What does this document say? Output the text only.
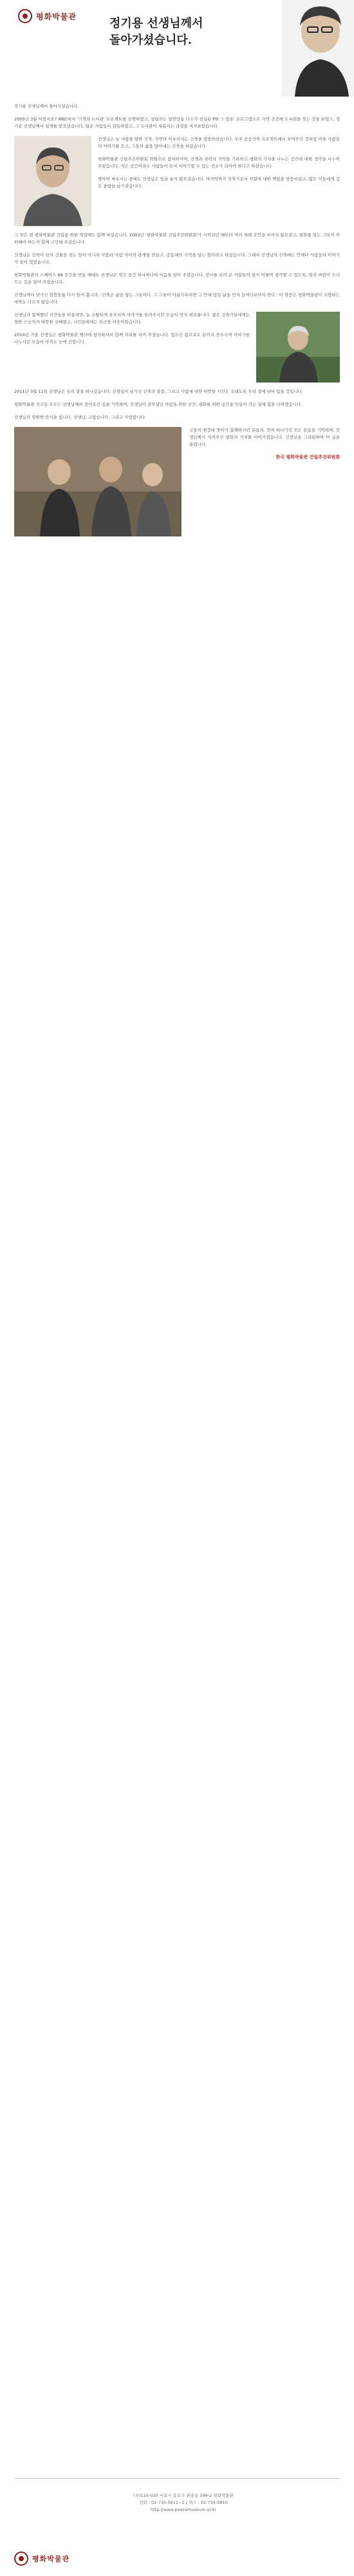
평화박물관
정기용 선생님께서
돌아가셨습니다.

정기용 선생님께서 돌아가셨습니다.

2005년 3월 이었지요? MBC에서 '기적의 도서관' 프로젝트를 진행하였고, 설립자는 일반인들 다수가 진실된 PD ‘느낌표’ 프로그램으로 지역 곳곳에 도서관을 짓는 것을 보았고, 정기용 선생님께서 설계를 맡으셨습니다. 많은 사람들이 감동하였고, 그 도서관이 세워지는 과정을 지켜보았습니다.

선생님은 늘 사람을 향한 건축, 자연과 어우러지는 건축을 말씀하셨습니다. 무주 공공건축 프로젝트에서 보여주신 것처럼 마을 사람들의 이야기를 듣고, 그들의 삶을 담아내는 건축을 하셨습니다.

평화박물관 건립추진위원회 위원으로 참여하시며, 전쟁과 폭력의 기억을 기록하고 평화의 가치를 나누는 공간에 대한 생각을 나누어 주셨습니다. 작은 공간이라도 사람들이 모여 이야기할 수 있는 장소가 되어야 한다고 하셨습니다.

병마와 싸우시는 중에도 선생님은 일을 놓지 않으셨습니다. 마지막까지 건축가로서 사회에 대한 책임을 말씀하셨고, 많은 이들에게 깊은 울림을 남기셨습니다.

그 맞은 편 평화박물관 건립을 위한 작업에도 함께 하셨습니다. 2003년 '평화박물관 건립추진위원회'가 시작되던 때부터 여러 차례 조언을 아끼지 않으셨고, 평화를 담는 그릇이 어떠해야 하는지 함께 고민해 주셨습니다.

선생님은 건축이 단지 건물을 짓는 일이 아니라 사람과 사람 사이의 관계를 만들고, 공동체의 기억을 담는 일이라고 하셨습니다. 그래서 선생님의 건축에는 언제나 사람들의 이야기가 들어 있었습니다.

평화박물관의 스페이스 99 공간을 만들 때에도 선생님은 작은 공간 하나하나에 마음을 담아 주셨습니다. 전시를 보러 온 사람들이 잠시 머물며 생각할 수 있도록, 빛과 바람이 드나드는 길을 열어 주셨습니다.

선생님께서 남기신 말씀들을 다시 읽어 봅니다. '건축은 삶을 담는 그릇이다. 그 그릇이 아름다우려면 그 안에 담길 삶을 먼저 들여다보아야 한다.' 이 말씀은 평화박물관이 지향하는 바와도 다르지 않습니다.

선생님과 함께했던 시간들을 떠올리면, 늘 소탈하게 웃으시며 이야기를 들려주시던 모습이 먼저 떠오릅니다. 젊은 건축가들에게는 엄한 스승이자 따뜻한 선배였고, 시민들에게는 친근한 이웃이었습니다.

2010년 가을 선생님은 평화박물관 행사에 참석하셔서 함께 자리를 지켜 주셨습니다. 힘드신 몸으로도 끝까지 웃으시며 이야기를 나누시던 모습이 아직도 눈에 선합니다.

2011년 3월 11일 선생님은 우리 곁을 떠나셨습니다. 선생님이 남기신 건축과 말씀, 그리고 사람에 대한 따뜻한 시선은 오래도록 우리 곁에 남아 있을 것입니다.

평화박물관 식구들 모두는 선생님께서 걸어오신 길을 기억하며, 선생님이 꿈꾸셨던 사람을 위한 공간, 평화를 위한 공간을 만들어 가는 일에 힘을 다하겠습니다.

선생님의 영원한 안식을 빕니다. 선생님, 고맙습니다. 그리고 사랑합니다.

고통의 현장에 찾아가 함께하시던 분들과, 먼저 떠나가신 모든 분들을 기억하며, 선생님께서 지켜주신 평화의 가치를 이어가겠습니다. 선생님을 그리워하며 이 글을 올립니다.

한국 평화박물관 건립추진위원회

(우)110-030 서울시 종로구 관훈동 196-2 평화박물관
전화 : 02-735-5811~2 / 팩스 : 02-735-5810
http://www.peacemuseum.or.kr
평화박물관
